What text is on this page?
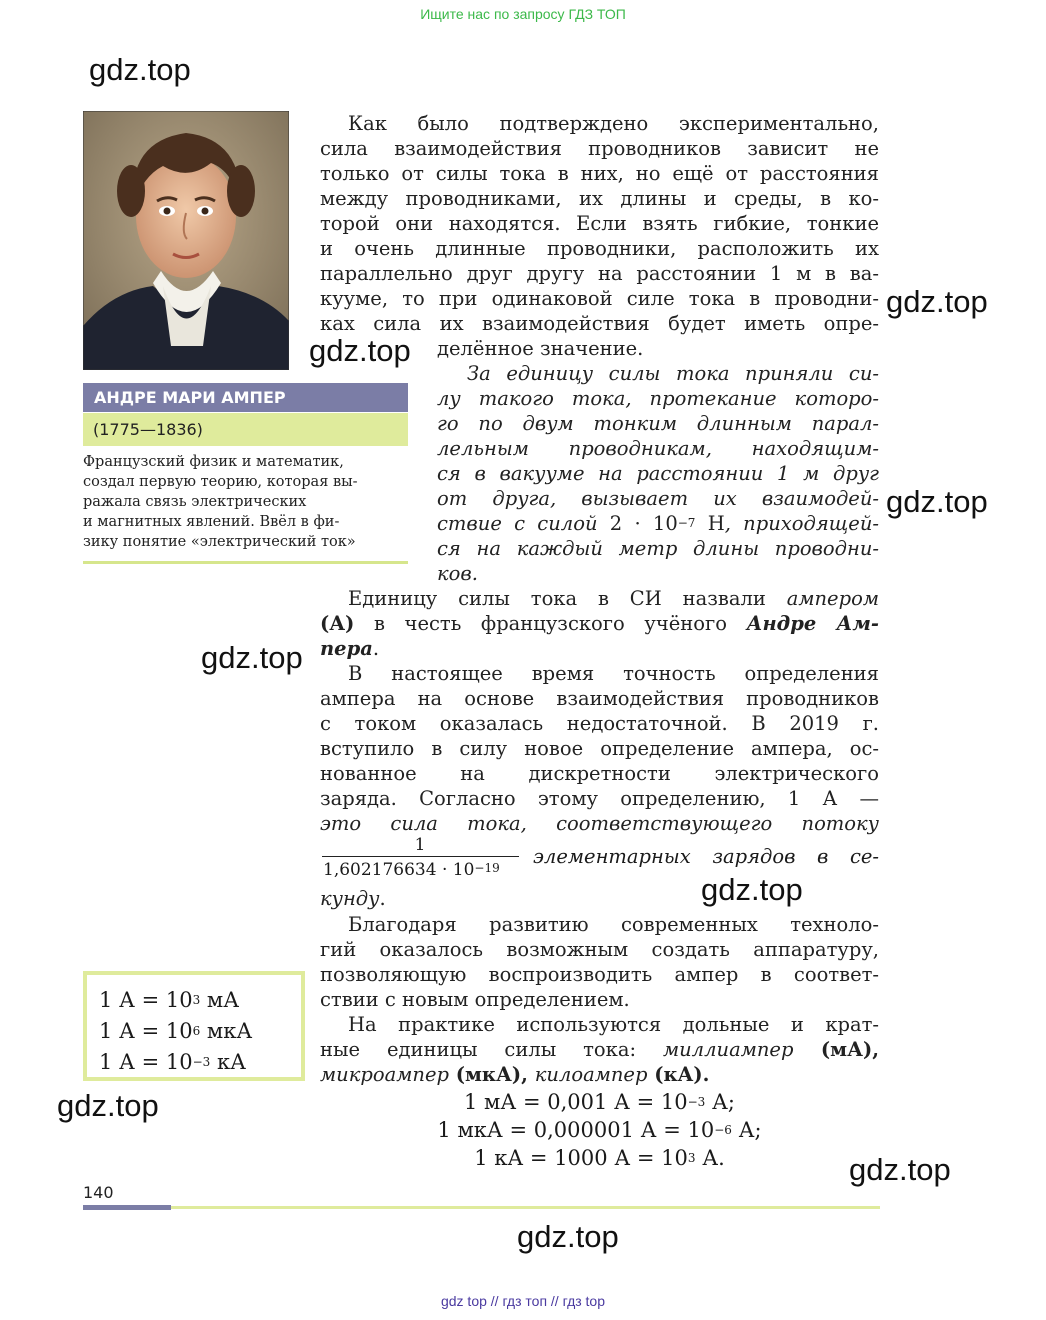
Ищите нас по запросу ГДЗ ТОП
gdz.top
gdz.top
gdz.top
gdz.top
gdz.top
gdz.top
gdz.top
gdz.top
gdz.top
АНДРЕ МАРИ АМПЕР
(1775—1836)
Французский физик и математик,
создал первую теорию, которая вы-
ражала связь электрических
и магнитных явлений. Ввёл в фи-
зику понятие «электрический ток»
Как было подтверждено экспериментально,
сила взаимодействия проводников зависит не
только от силы тока в них, но ещё от расстояния
между проводниками, их длины и среды, в ко-
торой они находятся. Если взять гибкие, тонкие
и очень длинные проводники, расположить их
параллельно друг другу на расстоянии 1 м в ва-
кууме, то при одинаковой силе тока в проводни-
ках сила их взаимодействия будет иметь опре-
делённое значение.
За единицу силы тока приняли си-
лу такого тока, протекание которо-
го по двум тонким длинным парал-
лельным проводникам, находящим-
ся в вакууме на расстоянии 1 м друг
от друга, вызывает их взаимодей-
ствие с силой $2 \cdot 10^{-7}$ Н, приходящей-
ся на каждый метр длины проводни-
ков.
Единицу силы тока в СИ назвали ампером
(А) в честь французского учёного Андре Ам-
пера.
В настоящее время точность определения
ампера на основе взаимодействия проводников
с током оказалась недостаточной. В 2019 г.
вступило в силу новое определение ампера, ос-
нованное на дискретности электрического
заряда. Согласно этому определению, 1 А —
это сила тока, соответствующего потоку
1
$1,602176634 \cdot 10^{-19}$	элементарных зарядов в се-
кунду.
Благодаря развитию современных техноло-
гий оказалось возможным создать аппаратуру,
позволяющую воспроизводить ампер в соответ-
ствии с новым определением.
На практике используются дольные и крат-
ные единицы силы тока: миллиампер (мА),
микроампер (мкА), килоампер (кА).
1 мА = 0,001 $А = 10^{-3}$ А;
1 мкА = 0,000001 $А = 10^{-6}$ А;
1 кА = 1000 $А = 10^3$ А.
1 $А = 10^3$ мА
1 $А = 10^6$ мкА
1 $А = 10^{-3}$ кА
140
gdz top // гдз топ // гдз top
